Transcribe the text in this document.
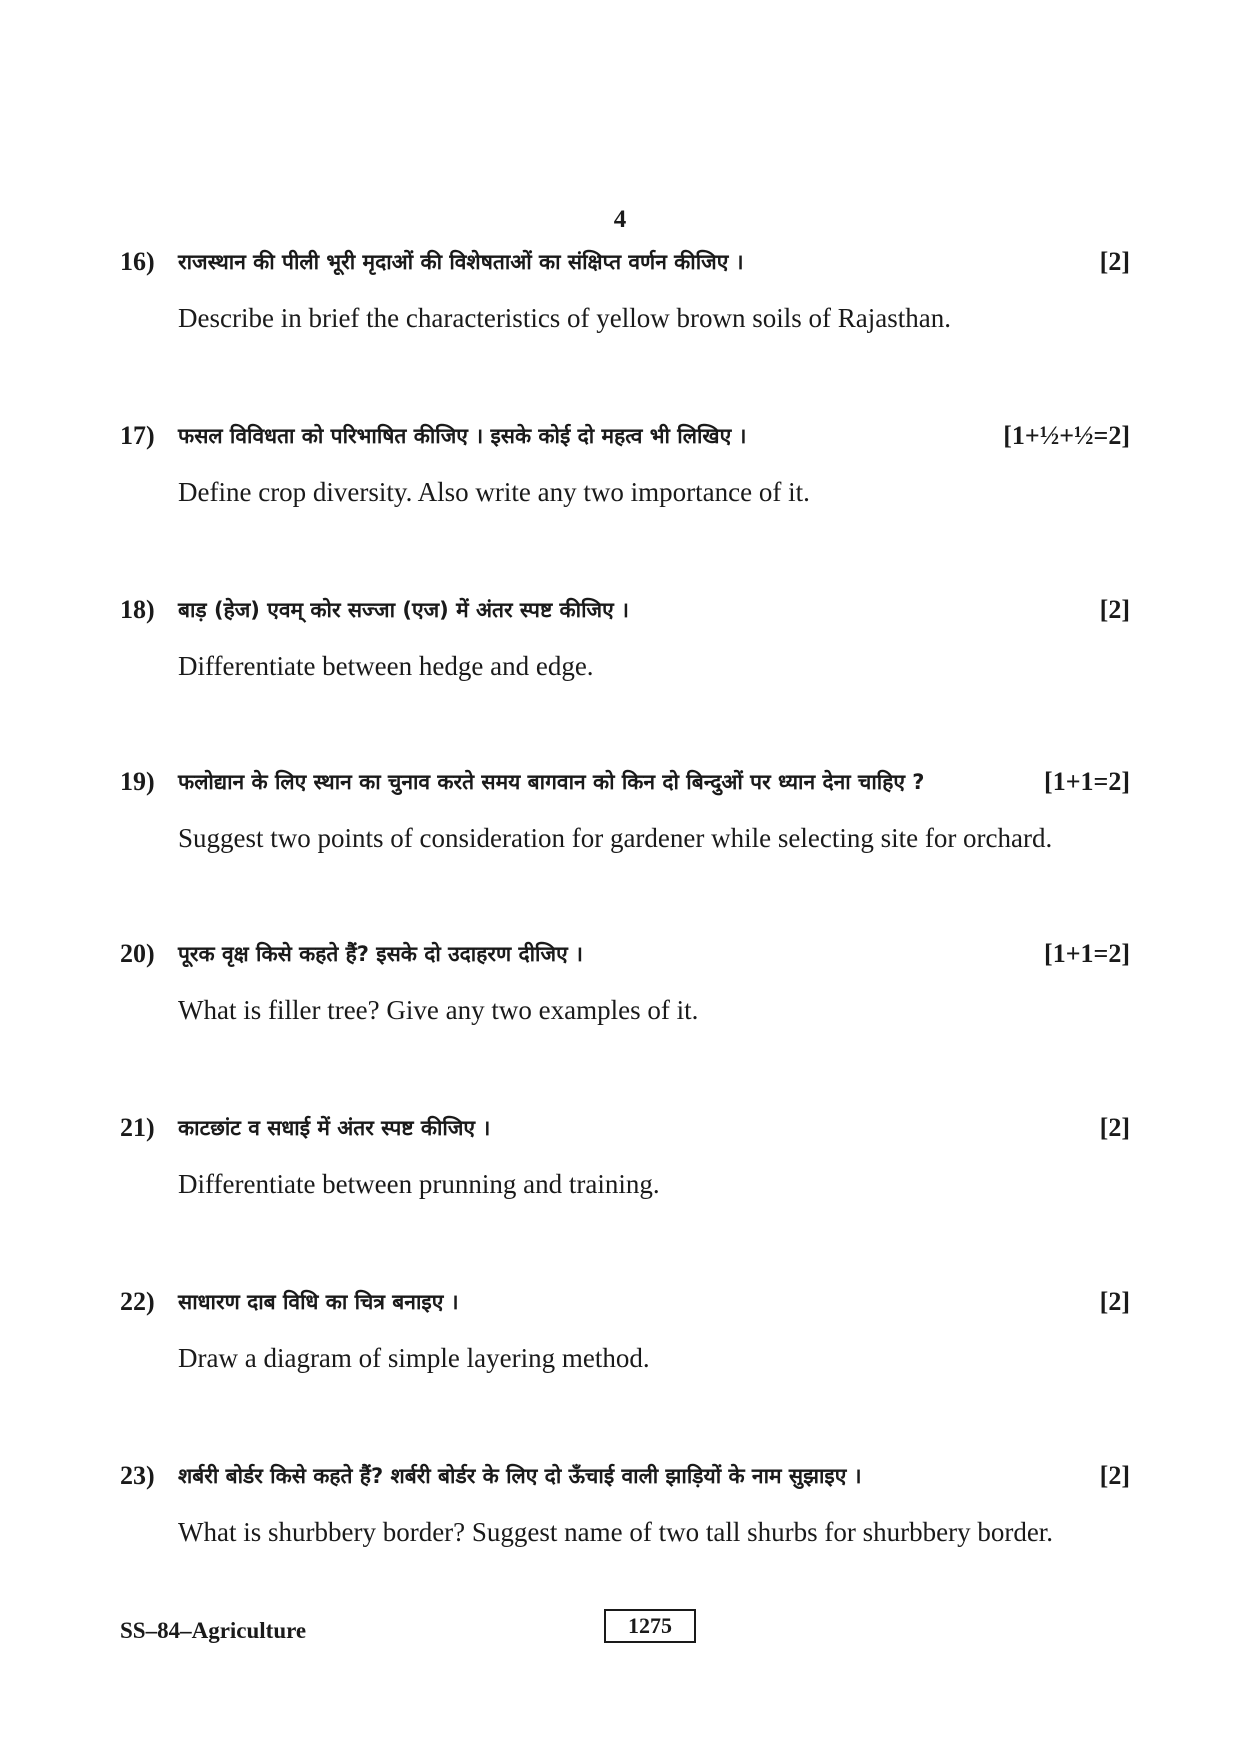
4
16) राजस्थान की पीली भूरी मृदाओं की विशेषताओं का संक्षिप्त वर्णन कीजिए ।	[2]
Describe in brief the characteristics of yellow brown soils of Rajasthan.
17) फसल विविधता को परिभाषित कीजिए । इसके कोई दो महत्व भी लिखिए ।	[1+½+½=2]
Define crop diversity. Also write any two importance of it.
18) बाड़ (हेज) एवम् कोर सज्जा (एज) में अंतर स्पष्ट कीजिए ।	[2]
Differentiate between hedge and edge.
19) फलोद्यान के लिए स्थान का चुनाव करते समय बागवान को किन दो बिन्दुओं पर ध्यान देना चाहिए ?	[1+1=2]
Suggest two points of consideration for gardener while selecting site for orchard.
20) पूरक वृक्ष किसे कहते हैं? इसके दो उदाहरण दीजिए ।	[1+1=2]
What is filler tree? Give any two examples of it.
21) काटछांट व सधाई में अंतर स्पष्ट कीजिए ।	[2]
Differentiate between prunning and training.
22) साधारण दाब विधि का चित्र बनाइए ।	[2]
Draw a diagram of simple layering method.
23) शर्बरी बोर्डर किसे कहते हैं? शर्बरी बोर्डर के लिए दो ऊँचाई वाली झाड़ियों के नाम सुझाइए ।	[2]
What is shurbbery border? Suggest name of two tall shurbs for shurbbery border.
SS–84–Agriculture	1275
